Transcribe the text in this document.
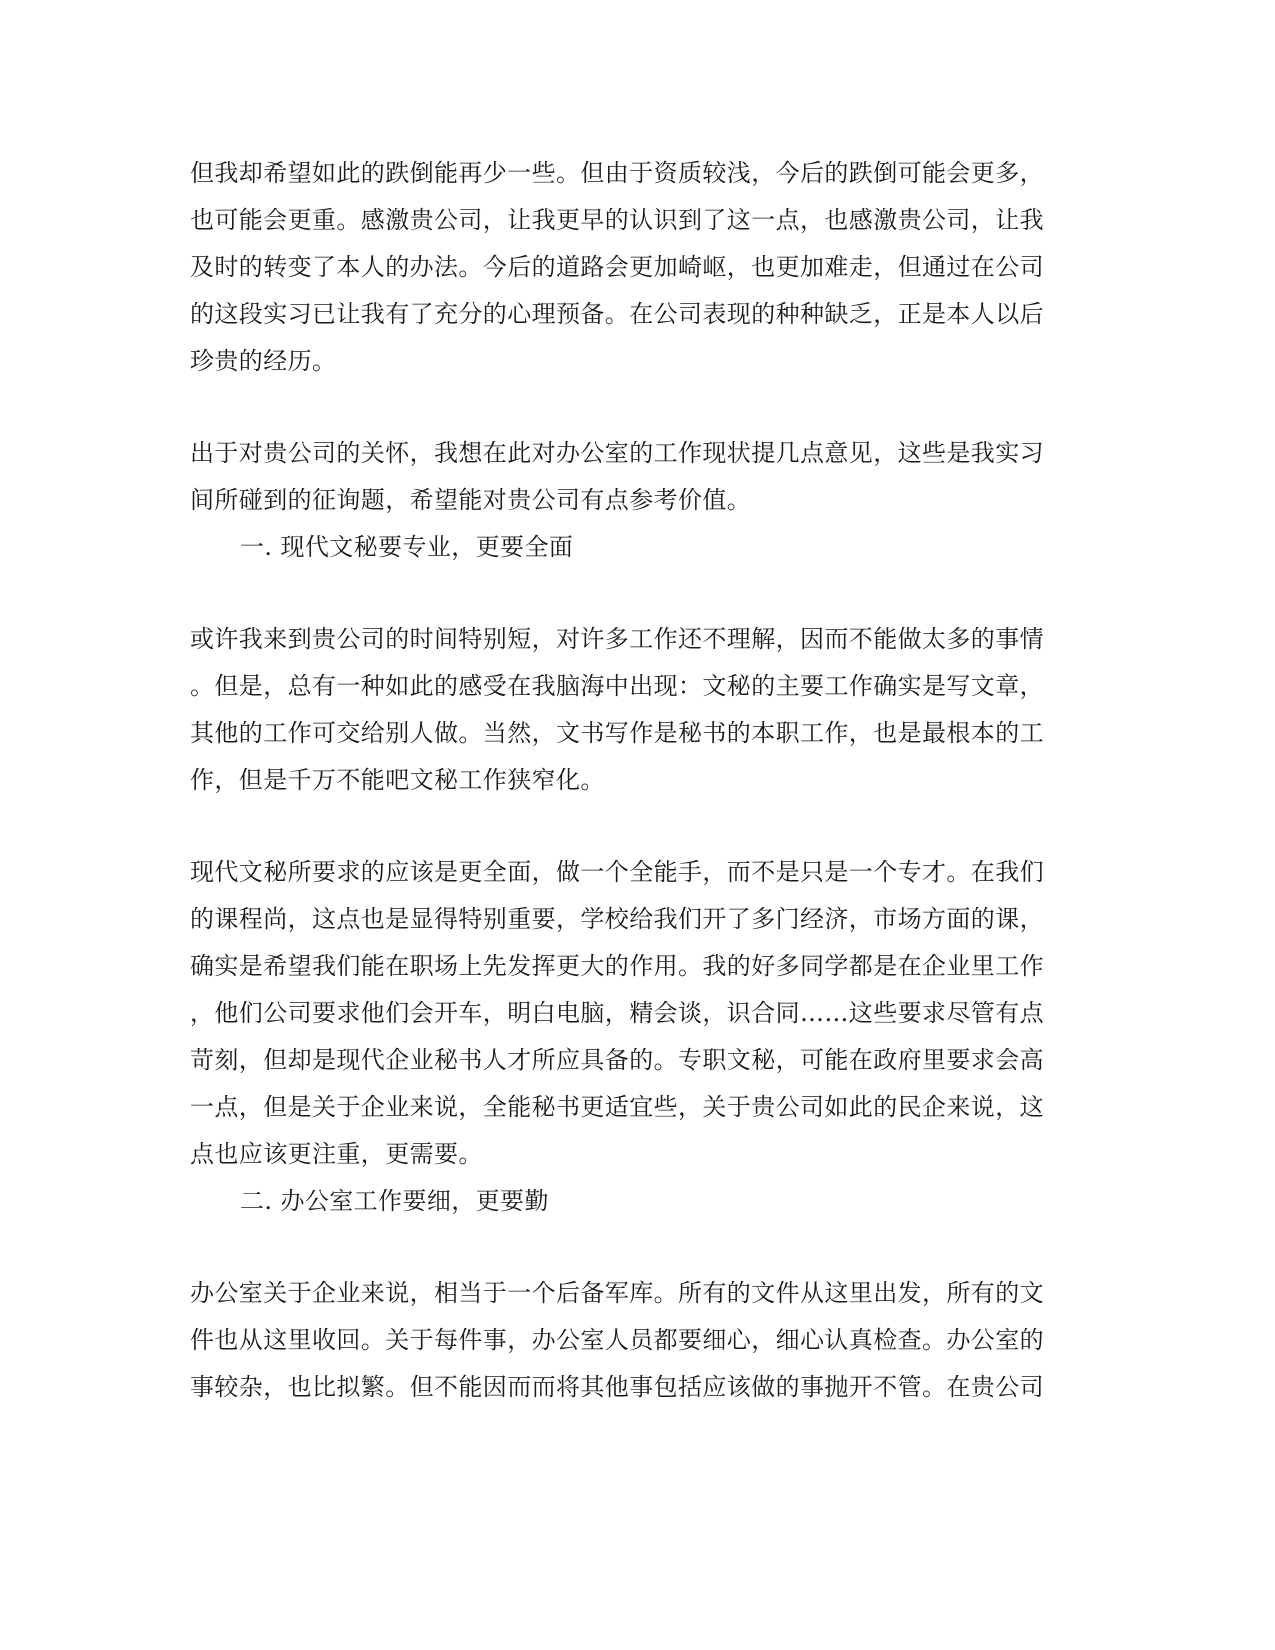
但我却希望如此的跌倒能再少一些。但由于资质较浅，今后的跌倒可能会更多，
也可能会更重。感激贵公司，让我更早的认识到了这一点，也感激贵公司，让我
及时的转变了本人的办法。今后的道路会更加崎岖，也更加难走，但通过在公司
的这段实习已让我有了充分的心理预备。在公司表现的种种缺乏，正是本人以后
珍贵的经历。
出于对贵公司的关怀，我想在此对办公室的工作现状提几点意见，这些是我实习
间所碰到的征询题，希望能对贵公司有点参考价值。
一. 现代文秘要专业，更要全面
或许我来到贵公司的时间特别短，对许多工作还不理解，因而不能做太多的事情
。但是，总有一种如此的感受在我脑海中出现：文秘的主要工作确实是写文章，
其他的工作可交给别人做。当然，文书写作是秘书的本职工作，也是最根本的工
作，但是千万不能吧文秘工作狭窄化。
现代文秘所要求的应该是更全面，做一个全能手，而不是只是一个专才。在我们
的课程尚，这点也是显得特别重要，学校给我们开了多门经济，市场方面的课，
确实是希望我们能在职场上先发挥更大的作用。我的好多同学都是在企业里工作
，他们公司要求他们会开车，明白电脑，精会谈，识合同……这些要求尽管有点
苛刻，但却是现代企业秘书人才所应具备的。专职文秘，可能在政府里要求会高
一点，但是关于企业来说，全能秘书更适宜些，关于贵公司如此的民企来说，这
点也应该更注重，更需要。
二. 办公室工作要细，更要勤
办公室关于企业来说，相当于一个后备军库。所有的文件从这里出发，所有的文
件也从这里收回。关于每件事，办公室人员都要细心，细心认真检查。办公室的
事较杂，也比拟繁。但不能因而而将其他事包括应该做的事抛开不管。在贵公司
